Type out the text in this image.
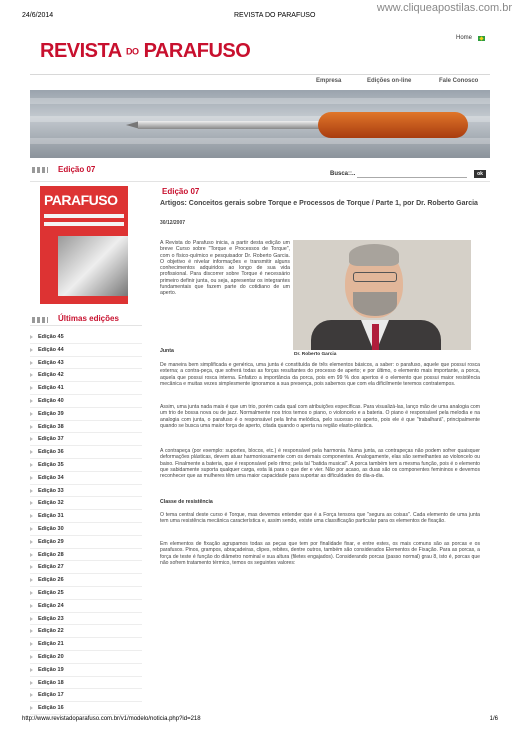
24/6/2014	REVISTA DO PARAFUSO
www.cliqueapostilas.com.br
REVISTA DO PARAFUSO
Home
Empresa	Edições on-line	Fale Conosco
Edição 07	Busca::..	ok
PARAFUSO
Últimas edições
Edição 45
Edição 44
Edição 43
Edição 42
Edição 41
Edição 40
Edição 39
Edição 38
Edição 37
Edição 36
Edição 35
Edição 34
Edição 33
Edição 32
Edição 31
Edição 30
Edição 29
Edição 28
Edição 27
Edição 26
Edição 25
Edição 24
Edição 23
Edição 22
Edição 21
Edição 20
Edição 19
Edição 18
Edição 17
Edição 16
Edição 07
Artigos: Conceitos gerais sobre Torque e Processos de Torque / Parte 1, por Dr. Roberto Garcia
30/12/2007
A Revista do Parafuso inicia, a partir desta edição um breve Curso sobre "Torque e Processos de Torque", com o físico-químico e pesquisador Dr. Roberto Garcia. O objetivo é nivelar informações e transmitir alguns conhecimentos adquiridos ao longo de sua vida profissional. Para discorrer sobre Torque é necessário primeiro definir junta, ou seja, apresentar os integrantes fundamentais que fazem parte do cotidiano de um aperto.
Dr. Roberto Garcia
Junta
De maneira bem simplificada e genérica, uma junta é constituída de três elementos básicos, a saber: o parafuso, aquele que possui rosca externa; a contra-peça, que sofrerá todas as forças resultantes do processo de aperto; e por último, o elemento mais importante, a porca, aquela que possui rosca interna. Enfatizo a importância da porca, pois em 99 % dos apertos é o elemento que possui maior resistência mecânica e muitas vezes simplesmente ignoramos a sua presença, pois sabemos que com ela dificilmente teremos contratempos.
Assim, uma junta nada mais é que um trio, porém cada qual com atribuições específicas. Para visualizá-las, lanço mão de uma analogia com um trio de bossa nova ou de jazz. Normalmente nos trios temos o piano, o violoncelo e a bateria. O piano é responsável pela melodia e na analogia com junta, o parafuso é o responsável pela linha melódica, pelo sucesso no aperto, pois ele é que "trabalhará", principalmente quando se busca uma maior força de aperto, citada quando o aperta na região elasto-plástica.
A contrapeça (por exemplo: suportes, blocos, etc.) é responsável pela harmonia. Numa junta, as contrapeças não podem sofrer quaisquer deformações plásticas, devem atuar harmoniosamente com os demais componentes. Analogamente, elas são semelhantes ao violoncelo ou baixo. Finalmente a bateria, que é responsável pelo ritmo; pela tal "batida musical". A porca também tem a mesma função, pois é o elemento que sabidamente suporta qualquer carga, esta lá para o que der e vier. Não por acaso, as duas são os componentes femininos e devemos reconhecer que as mulheres têm uma maior capacidade para suportar as dificuldades do dia-a-dia.
Classe de resistência
O tema central deste curso é Torque, mas devemos entender que é a Força tensora que "segura as coisas". Cada elemento de uma junta tem uma resistência mecânica característica e, assim sendo, existe uma classificação particular para os elementos de fixação.
Em elementos de fixação agrupamos todas as peças que tem por finalidade fixar, e entre estes, os mais comuns são as porcas e os parafusos. Pinos, grampos, abraçadeiras, clipes, rebites, dentre outros, também são considerados Elementos de Fixação. Para as porcas, a força de teste é função do diâmetro nominal e sua altura (filetes engajados). Considerando porcas (passo normal) grau 8, isto é, porcas que não sofrem tratamento térmico, temos os seguintes valores:
http://www.revistadoparafuso.com.br/v1/modelo/noticia.php?id=218	1/6
